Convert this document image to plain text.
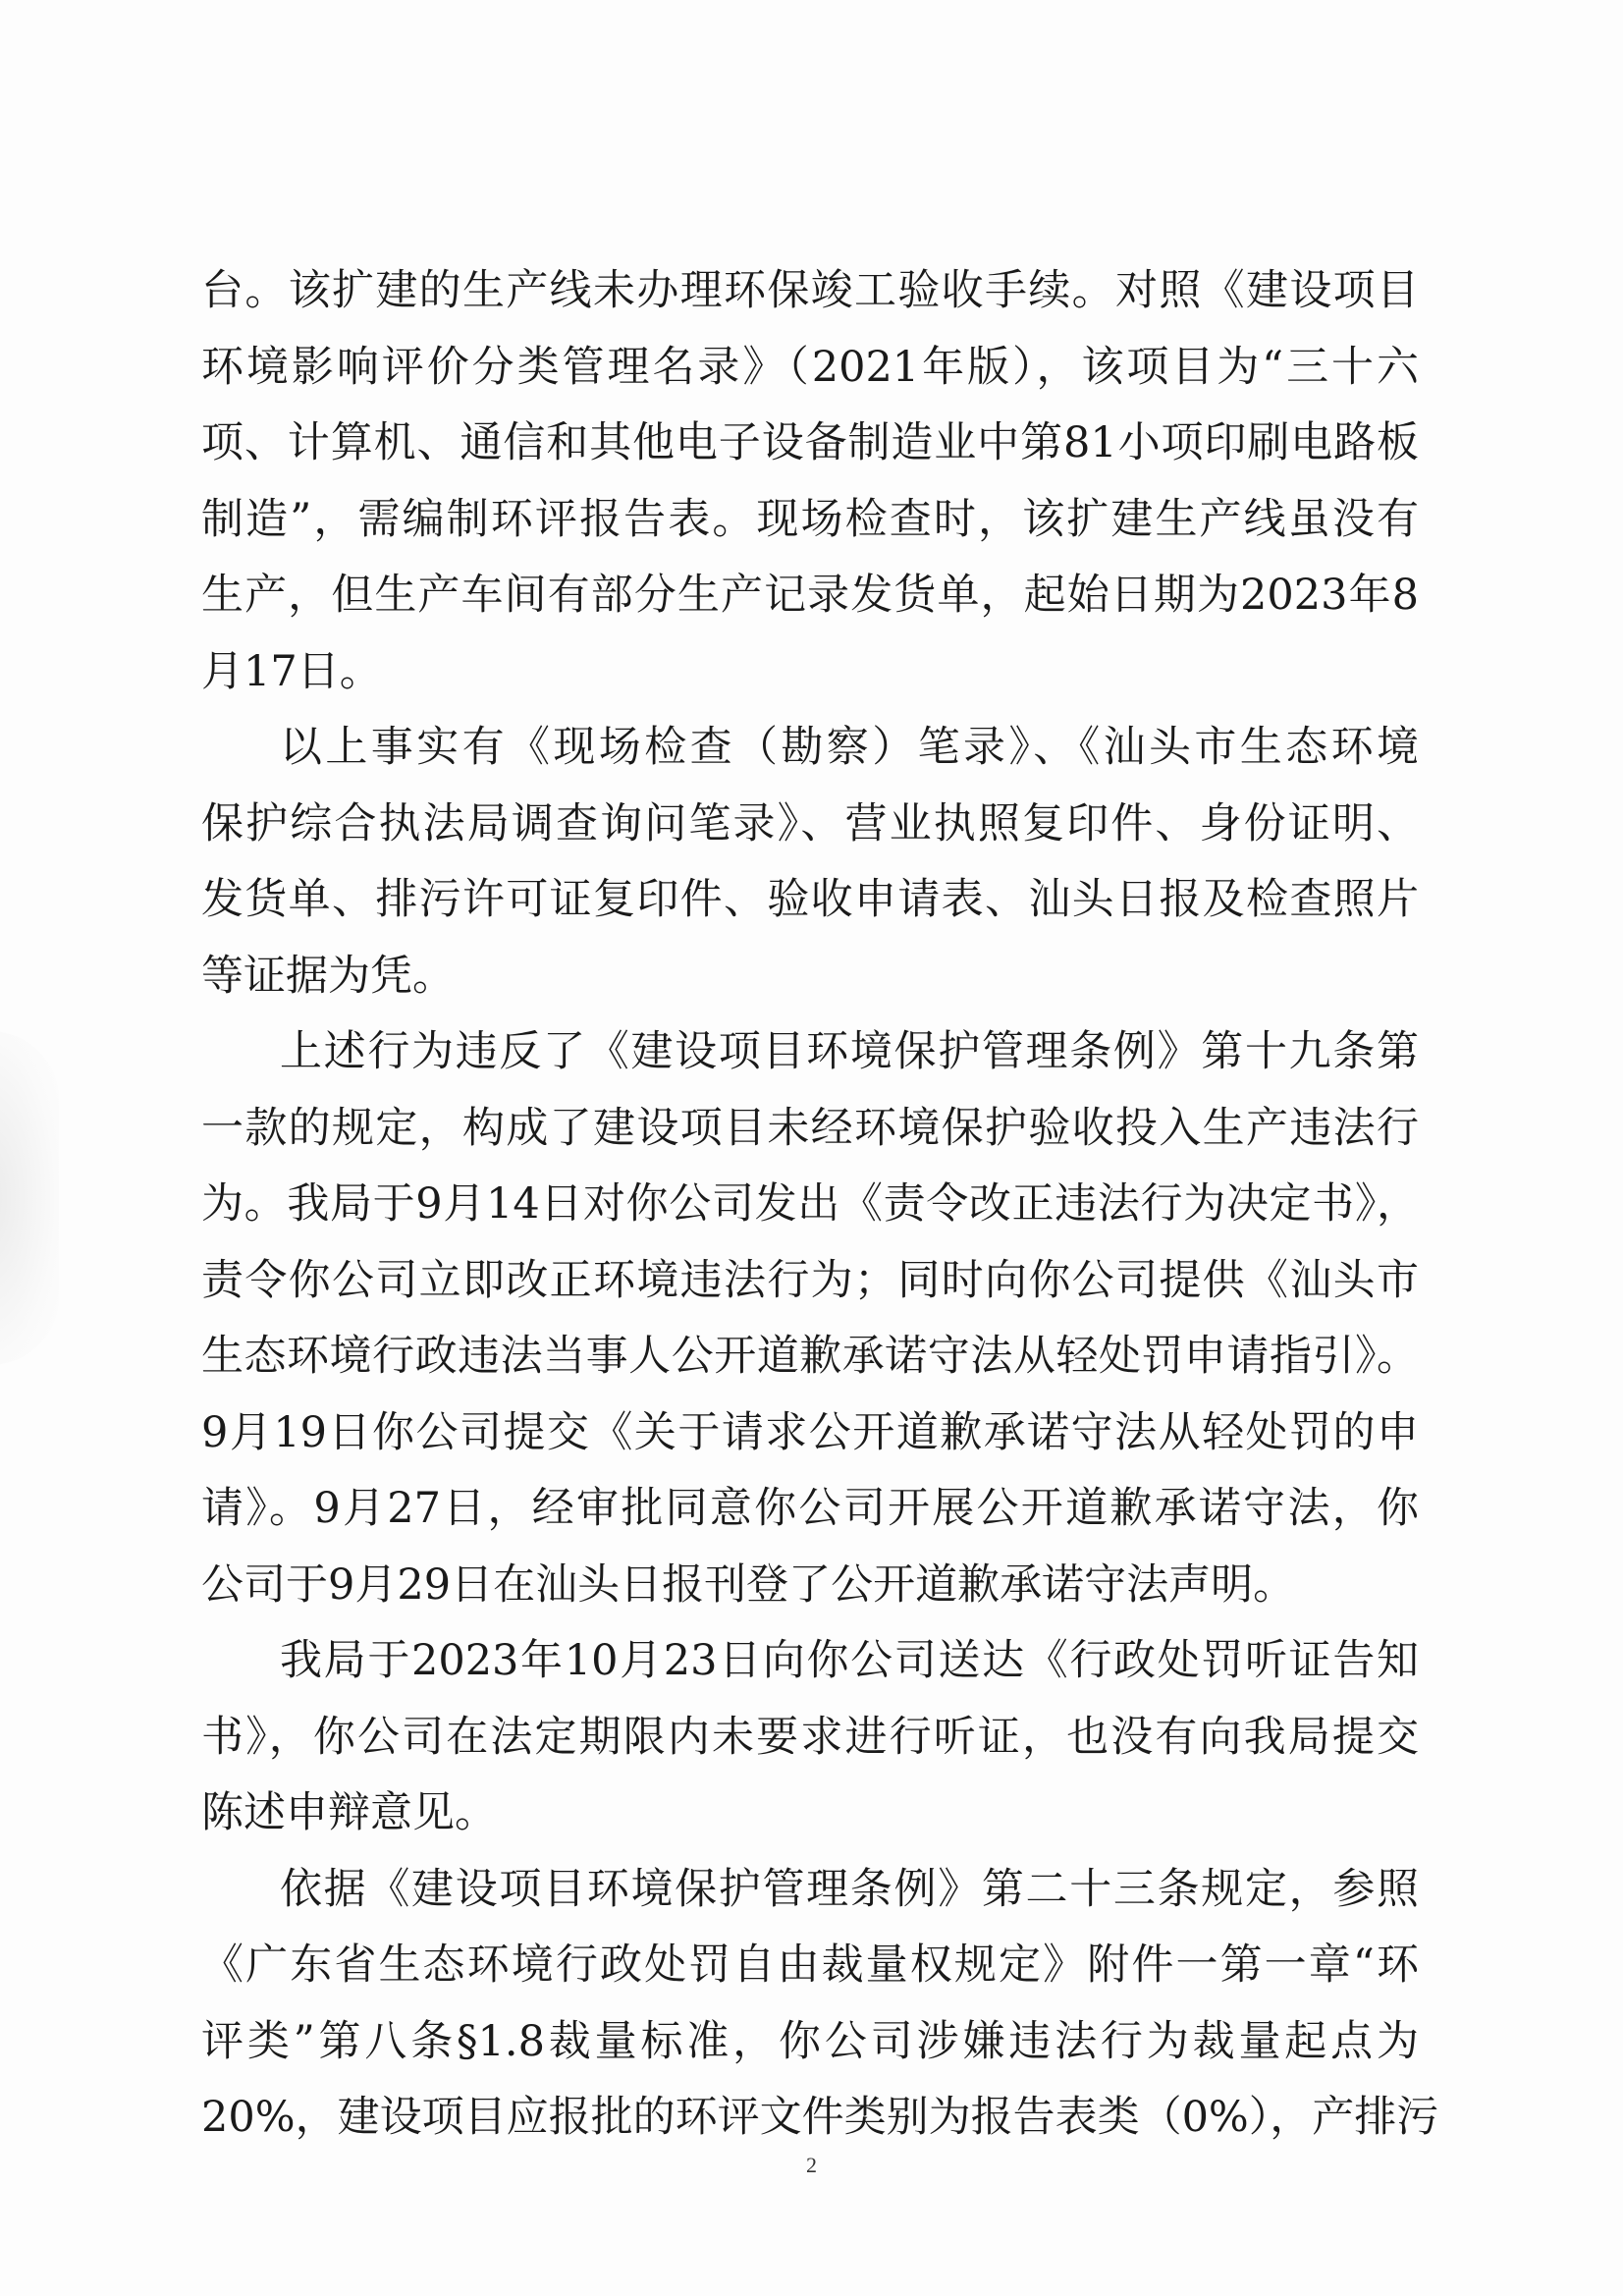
台。该扩建的生产线未办理环保竣工验收手续。对照《建设项目
环境影响评价分类管理名录》（2021年版），该项目为“三十六
项、计算机、通信和其他电子设备制造业中第81小项印刷电路板
制造”，需编制环评报告表。现场检查时，该扩建生产线虽没有
生产，但生产车间有部分生产记录发货单，起始日期为2023年8
月17日。
以上事实有《现场检查（勘察）笔录》、《汕头市生态环境
保护综合执法局调查询问笔录》、营业执照复印件、身份证明、
发货单、排污许可证复印件、验收申请表、汕头日报及检查照片
等证据为凭。
上述行为违反了《建设项目环境保护管理条例》第十九条第
一款的规定，构成了建设项目未经环境保护验收投入生产违法行
为。我局于9月14日对你公司发出《责令改正违法行为决定书》，
责令你公司立即改正环境违法行为；同时向你公司提供《汕头市
生态环境行政违法当事人公开道歉承诺守法从轻处罚申请指引》。
9月19日你公司提交《关于请求公开道歉承诺守法从轻处罚的申
请》。9月27日，经审批同意你公司开展公开道歉承诺守法，你
公司于9月29日在汕头日报刊登了公开道歉承诺守法声明。
我局于2023年10月23日向你公司送达《行政处罚听证告知
书》，你公司在法定期限内未要求进行听证，也没有向我局提交
陈述申辩意见。
依据《建设项目环境保护管理条例》第二十三条规定，参照
《广东省生态环境行政处罚自由裁量权规定》附件一第一章“环
评类”第八条§1.8裁量标准，你公司涉嫌违法行为裁量起点为
20%，建设项目应报批的环评文件类别为报告表类（0%），产排污
2
